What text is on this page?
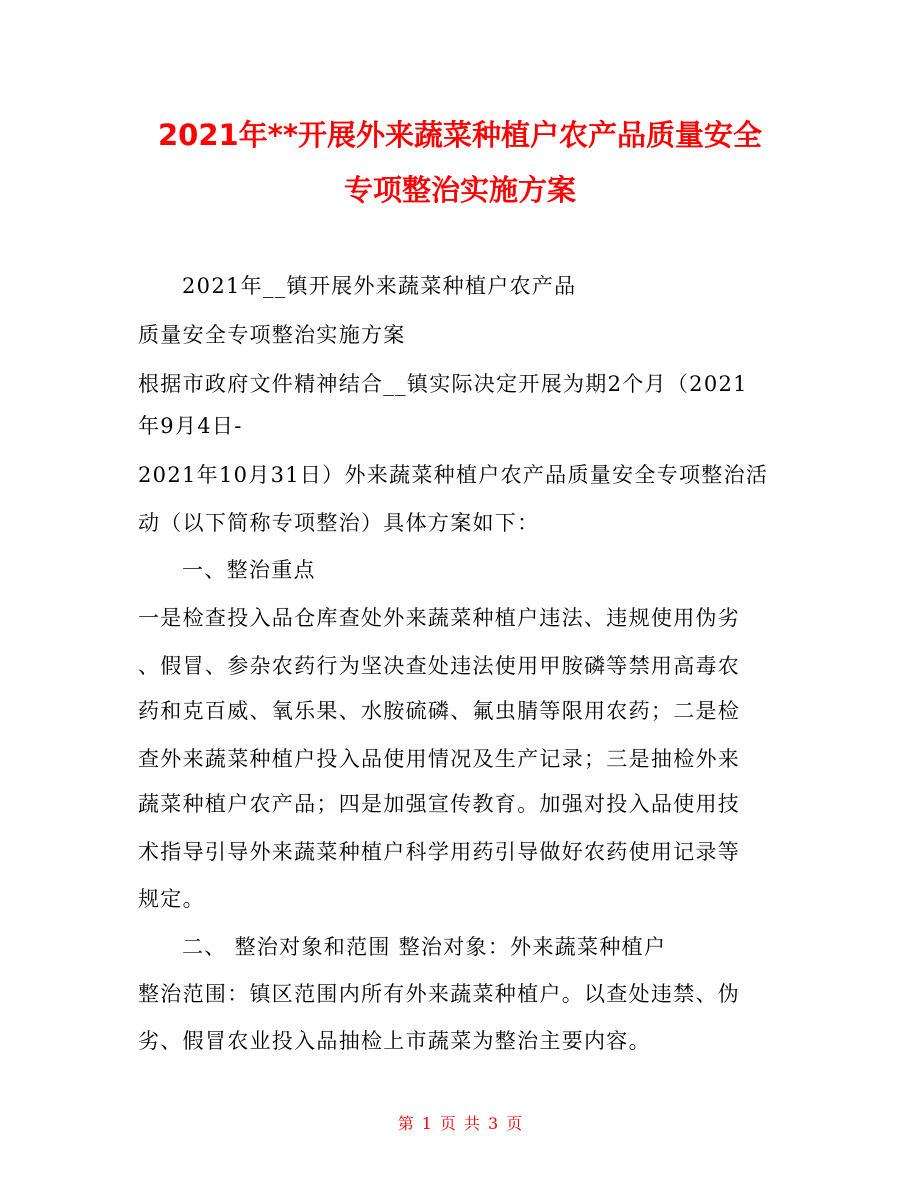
2021年**开展外来蔬菜种植户农产品质量安全
专项整治实施方案
2021年__镇开展外来蔬菜种植户农产品
质量安全专项整治实施方案
根据市政府文件精神结合__镇实际决定开展为期2个月（2021
年9月4日-
2021年10月31日）外来蔬菜种植户农产品质量安全专项整治活
动（以下简称专项整治）具体方案如下：
一、整治重点
一是检查投入品仓库查处外来蔬菜种植户违法、违规使用伪劣
、假冒、参杂农药行为坚决查处违法使用甲胺磷等禁用高毒农
药和克百威、氧乐果、水胺硫磷、氟虫腈等限用农药；二是检
查外来蔬菜种植户投入品使用情况及生产记录；三是抽检外来
蔬菜种植户农产品；四是加强宣传教育。加强对投入品使用技
术指导引导外来蔬菜种植户科学用药引导做好农药使用记录等
规定。
二、 整治对象和范围 整治对象：外来蔬菜种植户
整治范围：镇区范围内所有外来蔬菜种植户。以查处违禁、伪
劣、假冒农业投入品抽检上市蔬菜为整治主要内容。
第 1 页 共 3 页
